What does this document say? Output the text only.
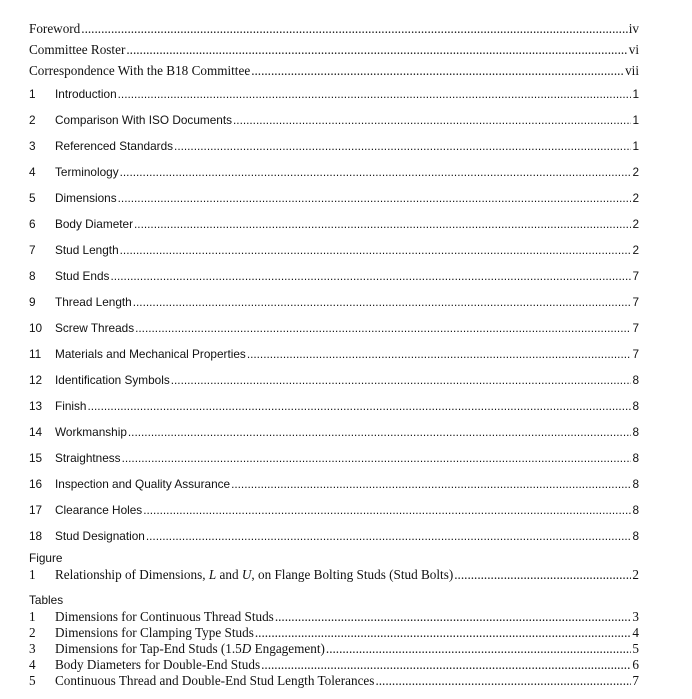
Foreword .....	iv
Committee Roster .....	vi
Correspondence With the B18 Committee .....	vii
1 Introduction .....	1
2 Comparison With ISO Documents .....	1
3 Referenced Standards .....	1
4 Terminology .....	2
5 Dimensions .....	2
6 Body Diameter .....	2
7 Stud Length .....	2
8 Stud Ends .....	7
9 Thread Length .....	7
10 Screw Threads .....	7
11 Materials and Mechanical Properties .....	7
12 Identification Symbols .....	8
13 Finish .....	8
14 Workmanship .....	8
15 Straightness .....	8
16 Inspection and Quality Assurance .....	8
17 Clearance Holes .....	8
18 Stud Designation .....	8
Figure
1 Relationship of Dimensions, L and U, on Flange Bolting Studs (Stud Bolts) .....	2
Tables
1 Dimensions for Continuous Thread Studs .....	3
2 Dimensions for Clamping Type Studs .....	4
3 Dimensions for Tap-End Studs (1.5D Engagement) .....	5
4 Body Diameters for Double-End Studs .....	6
5 Continuous Thread and Double-End Stud Length Tolerances .....	7
